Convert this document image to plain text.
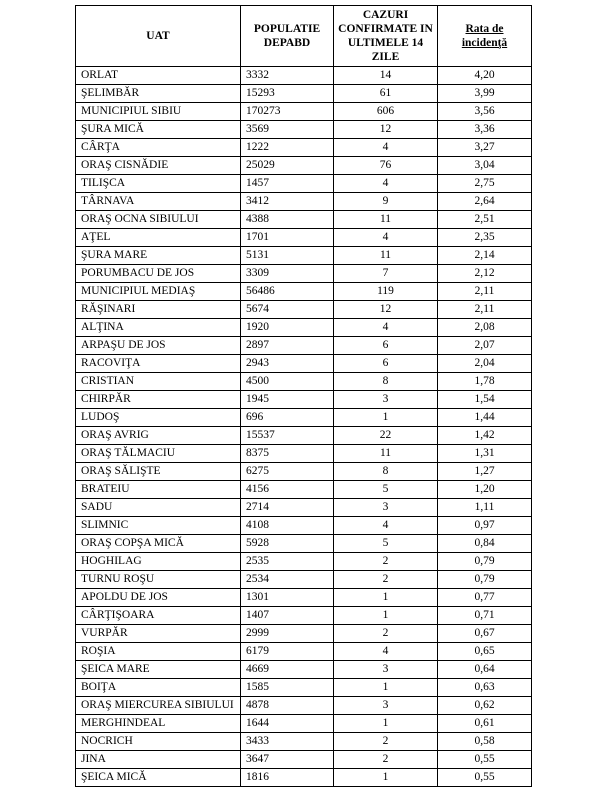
UAT	POPULATIE DEPABD	CAZURI CONFIRMATE IN ULTIMELE 14 ZILE	Rata de incidenţă
ORLAT	3332	14	4,20
ŞELIMBĂR	15293	61	3,99
MUNICIPIUL SIBIU	170273	606	3,56
ŞURA MICĂ	3569	12	3,36
CÂRŢA	1222	4	3,27
ORAŞ CISNĂDIE	25029	76	3,04
TILIŞCA	1457	4	2,75
TÂRNAVA	3412	9	2,64
ORAŞ OCNA SIBIULUI	4388	11	2,51
AŢEL	1701	4	2,35
ŞURA MARE	5131	11	2,14
PORUMBACU DE JOS	3309	7	2,12
MUNICIPIUL MEDIAŞ	56486	119	2,11
RĂŞINARI	5674	12	2,11
ALŢINA	1920	4	2,08
ARPAŞU DE JOS	2897	6	2,07
RACOVIŢA	2943	6	2,04
CRISTIAN	4500	8	1,78
CHIRPĂR	1945	3	1,54
LUDOŞ	696	1	1,44
ORAŞ AVRIG	15537	22	1,42
ORAŞ TĂLMACIU	8375	11	1,31
ORAŞ SĂLIŞTE	6275	8	1,27
BRATEIU	4156	5	1,20
SADU	2714	3	1,11
SLIMNIC	4108	4	0,97
ORAŞ COPŞA MICĂ	5928	5	0,84
HOGHILAG	2535	2	0,79
TURNU ROŞU	2534	2	0,79
APOLDU DE JOS	1301	1	0,77
CÂRŢIŞOARA	1407	1	0,71
VURPĂR	2999	2	0,67
ROŞIA	6179	4	0,65
ŞEICA MARE	4669	3	0,64
BOIŢA	1585	1	0,63
ORAŞ MIERCUREA SIBIULUI	4878	3	0,62
MERGHINDEAL	1644	1	0,61
NOCRICH	3433	2	0,58
JINA	3647	2	0,55
ŞEICA MICĂ	1816	1	0,55
